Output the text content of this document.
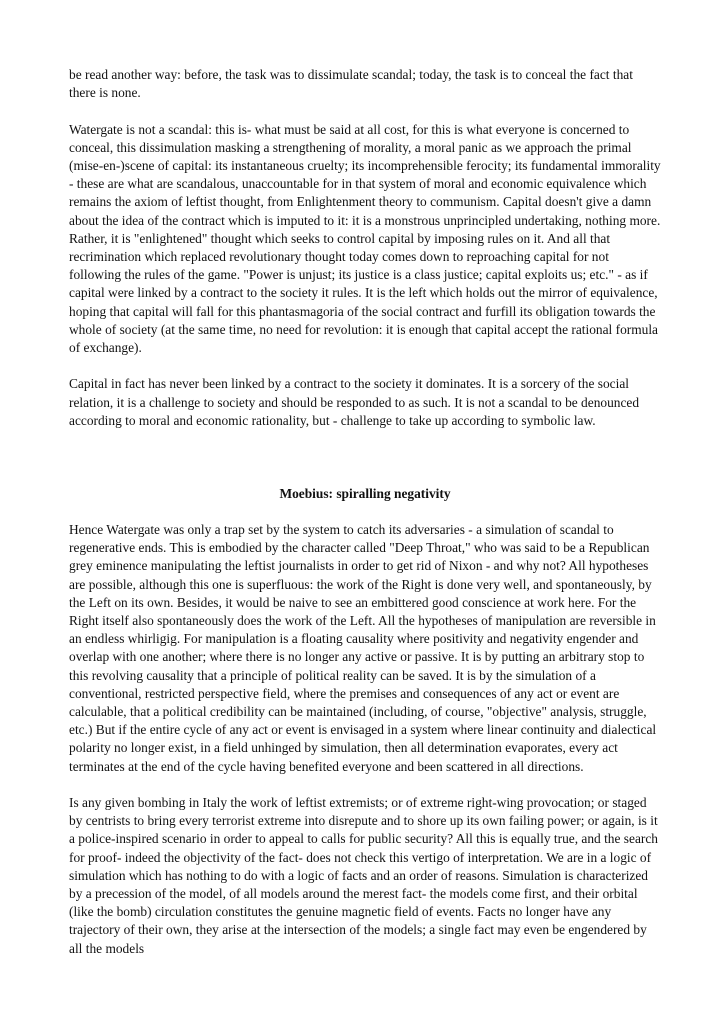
be read another way: before, the task was to dissimulate scandal; today, the task is to conceal the fact that there is none.

Watergate is not a scandal: this is- what must be said at all cost, for this is what everyone is concerned to conceal, this dissimulation masking a strengthening of morality, a moral panic as we approach the primal (mise-en-)scene of capital: its instantaneous cruelty; its incomprehensible ferocity; its fundamental immorality - these are what are scandalous, unaccountable for in that system of moral and economic equivalence which remains the axiom of leftist thought, from Enlightenment theory to communism. Capital doesn't give a damn about the idea of the contract which is imputed to it: it is a monstrous unprincipled undertaking, nothing more. Rather, it is "enlightened" thought which seeks to control capital by imposing rules on it. And all that recrimination which replaced revolutionary thought today comes down to reproaching capital for not following the rules of the game. "Power is unjust; its justice is a class justice; capital exploits us; etc." - as if capital were linked by a contract to the society it rules. It is the left which holds out the mirror of equivalence, hoping that capital will fall for this phantasmagoria of the social contract and furfill its obligation towards the whole of society (at the same time, no need for revolution: it is enough that capital accept the rational formula of exchange).

Capital in fact has never been linked by a contract to the society it dominates. It is a sorcery of the social relation, it is a challenge to society and should be responded to as such. It is not a scandal to be denounced according to moral and economic rationality, but - challenge to take up according to symbolic law.

Moebius: spiralling negativity

Hence Watergate was only a trap set by the system to catch its adversaries - a simulation of scandal to regenerative ends. This is embodied by the character called "Deep Throat," who was said to be a Republican grey eminence manipulating the leftist journalists in order to get rid of Nixon - and why not? All hypotheses are possible, although this one is superfluous: the work of the Right is done very well, and spontaneously, by the Left on its own. Besides, it would be naive to see an embittered good conscience at work here. For the Right itself also spontaneously does the work of the Left. All the hypotheses of manipulation are reversible in an endless whirligig. For manipulation is a floating causality where positivity and negativity engender and overlap with one another; where there is no longer any active or passive. It is by putting an arbitrary stop to this revolving causality that a principle of political reality can be saved. It is by the simulation of a conventional, restricted perspective field, where the premises and consequences of any act or event are calculable, that a political credibility can be maintained (including, of course, "objective" analysis, struggle, etc.) But if the entire cycle of any act or event is envisaged in a system where linear continuity and dialectical polarity no longer exist, in a field unhinged by simulation, then all determination evaporates, every act terminates at the end of the cycle having benefited everyone and been scattered in all directions.

Is any given bombing in Italy the work of leftist extremists; or of extreme right-wing provocation; or staged by centrists to bring every terrorist extreme into disrepute and to shore up its own failing power; or again, is it a police-inspired scenario in order to appeal to calls for public security? All this is equally true, and the search for proof- indeed the objectivity of the fact- does not check this vertigo of interpretation. We are in a logic of simulation which has nothing to do with a logic of facts and an order of reasons. Simulation is characterized by a precession of the model, of all models around the merest fact- the models come first, and their orbital (like the bomb) circulation constitutes the genuine magnetic field of events. Facts no longer have any trajectory of their own, they arise at the intersection of the models; a single fact may even be engendered by all the models
